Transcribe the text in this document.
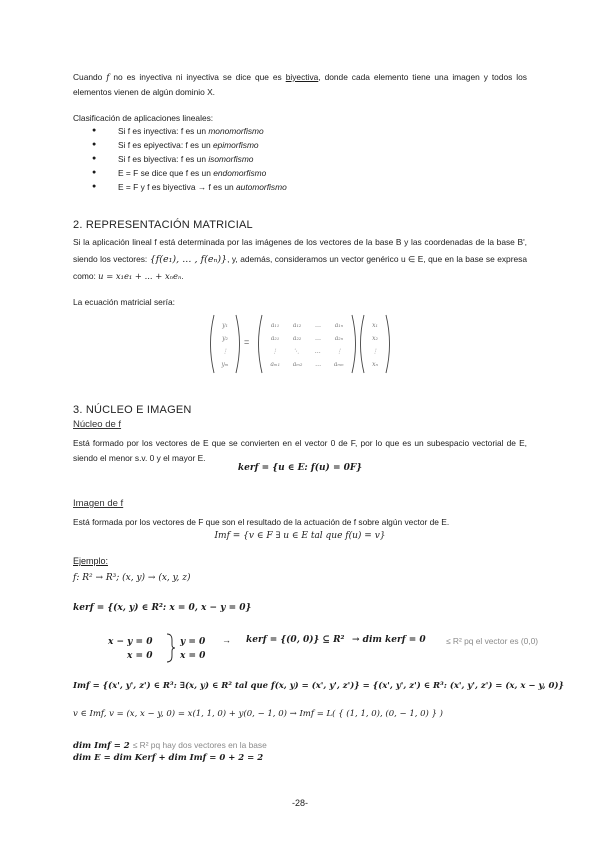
Cuando f no es inyectiva ni inyectiva se dice que es biyectiva, donde cada elemento tiene una imagen y todos los elementos vienen de algún dominio X.
Clasificación de aplicaciones lineales:
● Si f es inyectiva: f es un monomorfismo
● Si f es epiyectiva: f es un epimorfismo
● Si f es biyectiva: f es un isomorfismo
● E = F se dice que f es un endomorfismo
● E = F y f es biyectiva → f es un automorfismo
2. REPRESENTACIÓN MATRICIAL
Si la aplicación lineal f está determinada por las imágenes de los vectores de la base B y las coordenadas de la base B', siendo los vectores: {f(e₁), ... , f(eₙ)}, y, además, consideramos un vector genérico u ∈ E, que en la base se expresa como: u = x₁e₁ + ... + xₙeₙ.
La ecuación matricial sería:
y₁
y₂
⋮
yₘ
=
a₁₁ a₁₂ … a₁ₙ
a₂₁ a₂₂ … a₂ₙ
⋮	⋱	…	⋮
aₘ₁ aₘ₂ … aₘₙ
x₁
x₂
⋮
xₙ
3. NÚCLEO E IMAGEN
Núcleo de f
Está formado por los vectores de E que se convierten en el vector 0 de F, por lo que es un subespacio vectorial de E, siendo el menor s.v. 0 y el mayor E.
kerf = {u ∈ E: f(u) = 0F}
Imagen de f
Está formada por los vectores de F que son el resultado de la actuación de f sobre algún vector de E.
Imf = {v ∈ F ∃ u ∈ E tal que f(u) = v}
Ejemplo:
f: R² → R³; (x, y) → (x, y, z)
kerf = {(x, y) ∈ R²: x = 0, x − y = 0}
x − y = 0
x = 0
y = 0
x = 0
→ kerf = {(0, 0)} ⊆ R² → dim kerf = 0 ≤ R² pq el vector es (0,0)
Imf = {(x', y', z') ∈ R³: ∃(x, y) ∈ R² tal que f(x, y) = (x', y', z')} = {(x', y', z') ∈ R³: (x', y', z') = (x, x − y, 0)}
v ∈ Imf, v = (x, x − y, 0) = x(1, 1, 0) + y(0, − 1, 0) → Imf = L( { (1, 1, 0), (0, − 1, 0) } )
dim Imf = 2 ≤ R² pq hay dos vectores en la base
dim E = dim Kerf + dim Imf = 0 + 2 = 2
-28-
